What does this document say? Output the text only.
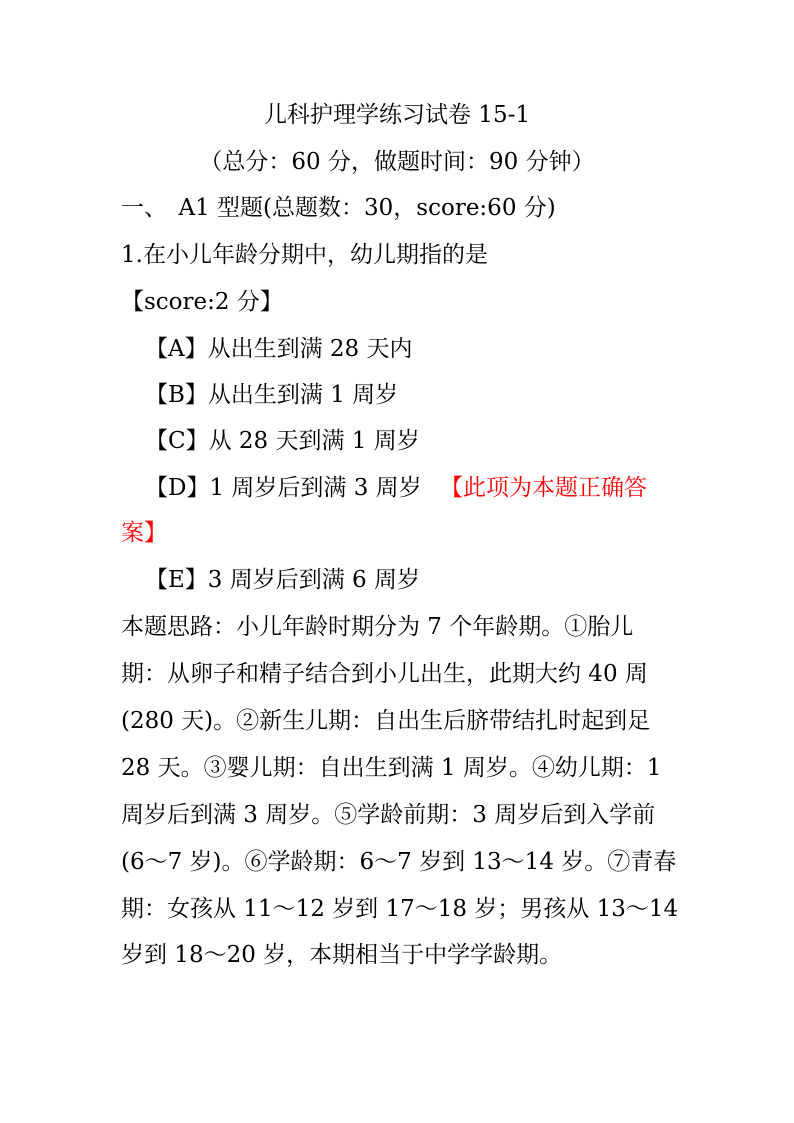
儿科护理学练习试卷 15-1
（总分：60 分，做题时间：90 分钟）
一、　A1 型题(总题数：30，score:60 分)
1.在小儿年龄分期中，幼儿期指的是
【score:2 分】
【A】从出生到满 28 天内
【B】从出生到满 1 周岁
【C】从 28 天到满 1 周岁
【D】1 周岁后到满 3 周岁 【此项为本题正确答
案】
【E】3 周岁后到满 6 周岁
本题思路：小儿年龄时期分为 7 个年龄期。①胎儿
期：从卵子和精子结合到小儿出生，此期大约 40 周
(280 天)。②新生儿期：自出生后脐带结扎时起到足
28 天。③婴儿期：自出生到满 1 周岁。④幼儿期：1
周岁后到满 3 周岁。⑤学龄前期：3 周岁后到入学前
(6～7 岁)。⑥学龄期：6～7 岁到 13～14 岁。⑦青春
期：女孩从 11～12 岁到 17～18 岁；男孩从 13～14
岁到 18～20 岁，本期相当于中学学龄期。
